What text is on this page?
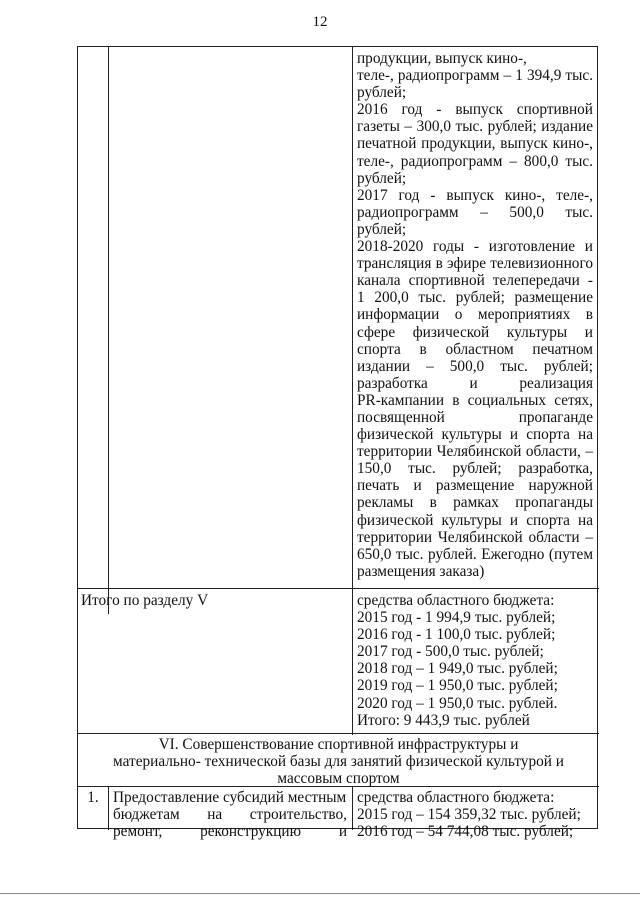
12
продукции, выпуск кино-,
теле-, радиопрограмм – 1 394,9 тыс.
рублей;
2016 год - выпуск спортивной
газеты – 300,0 тыс. рублей; издание
печатной продукции, выпуск кино-,
теле-, радиопрограмм – 800,0 тыс.
рублей;
2017 год - выпуск кино-, теле-,
радиопрограмм – 500,0 тыс.
рублей;
2018-2020 годы - изготовление и
трансляция в эфире телевизионного
канала спортивной телепередачи -
1 200,0 тыс. рублей; размещение
информации о мероприятиях в
сфере физической культуры и
спорта в областном печатном
издании – 500,0 тыс. рублей;
разработка и реализация
PR-кампании в социальных сетях,
посвященной пропаганде
физической культуры и спорта на
территории Челябинской области, –
150,0 тыс. рублей; разработка,
печать и размещение наружной
рекламы в рамках пропаганды
физической культуры и спорта на
территории Челябинской области –
650,0 тыс. рублей. Ежегодно (путем
размещения заказа)
Итого по разделу V	средства областного бюджета:
2015 год - 1 994,9 тыс. рублей;
2016 год - 1 100,0 тыс. рублей;
2017 год - 500,0 тыс. рублей;
2018 год – 1 949,0 тыс. рублей;
2019 год – 1 950,0 тыс. рублей;
2020 год – 1 950,0 тыс. рублей.
Итого: 9 443,9 тыс. рублей
VI. Совершенствование спортивной инфраструктуры и
материально- технической базы для занятий физической культурой и
массовым спортом
1. Предоставление субсидий местным
бюджетам на строительство,
ремонт, реконструкцию и
средства областного бюджета:
2015 год – 154 359,32 тыс. рублей;
2016 год – 54 744,08 тыс. рублей;
